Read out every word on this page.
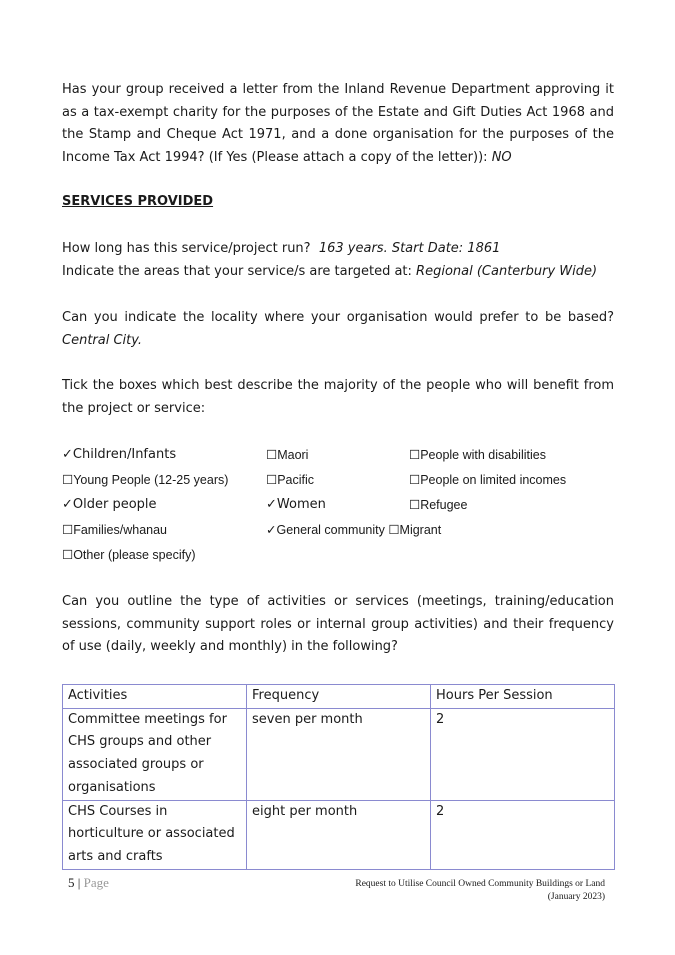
Has your group received a letter from the Inland Revenue Department approving it as a tax-exempt charity for the purposes of the Estate and Gift Duties Act 1968 and the Stamp and Cheque Act 1971, and a done organisation for the purposes of the Income Tax Act 1994? (If Yes (Please attach a copy of the letter)): NO
SERVICES PROVIDED
How long has this service/project run? 163 years. Start Date: 1861
Indicate the areas that your service/s are targeted at: Regional (Canterbury Wide)
Can you indicate the locality where your organisation would prefer to be based? Central City.
Tick the boxes which best describe the majority of the people who will benefit from the project or service:
✓Children/Infants	☐Maori	☐People with disabilities
☐Young People (12-25 years)	☐Pacific	☐People on limited incomes
✓Older people	✓Women	☐Refugee
☐Families/whanau	✓General community ☐Migrant
☐Other (please specify)
Can you outline the type of activities or services (meetings, training/education sessions, community support roles or internal group activities) and their frequency of use (daily, weekly and monthly) in the following?
Activities	Frequency	Hours Per Session
Committee meetings for CHS groups and other associated groups or organisations	seven per month	2
CHS Courses in horticulture or associated arts and crafts	eight per month	2
5 | Page	Request to Utilise Council Owned Community Buildings or Land
(January 2023)
